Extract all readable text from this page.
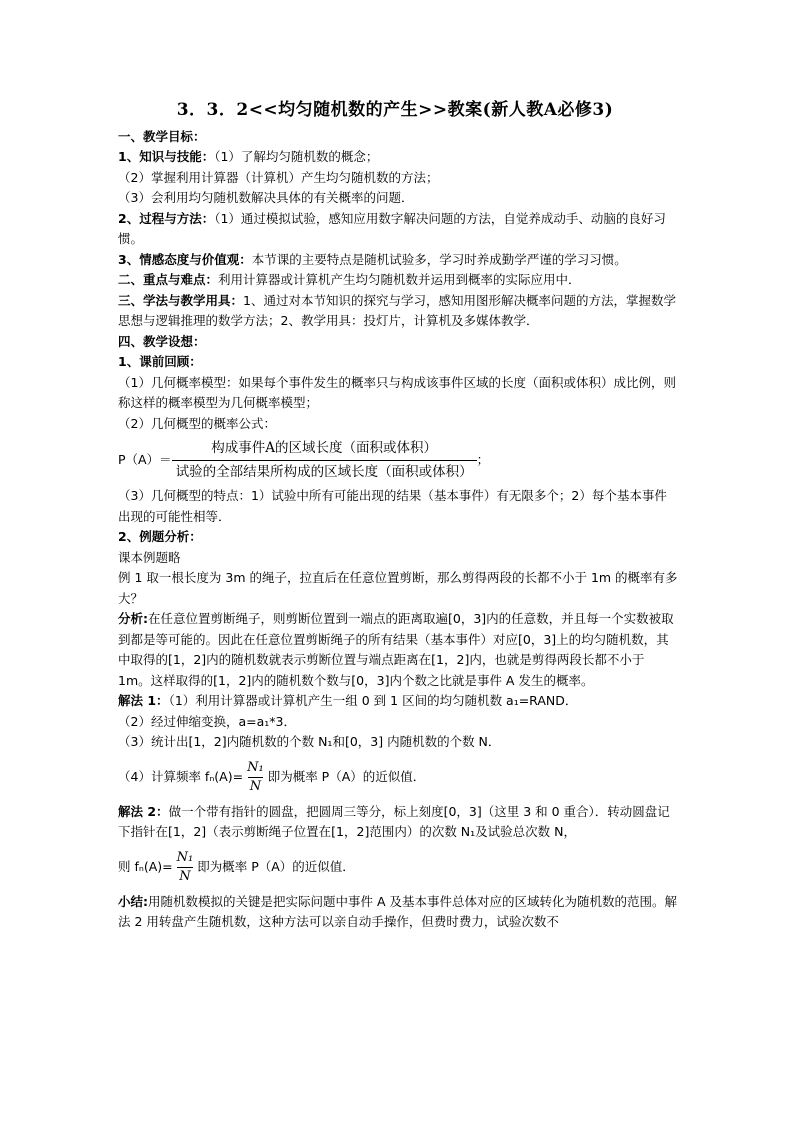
3．3．2<<均匀随机数的产生>>教案(新人教A必修3)

一、教学目标：

1、知识与技能：（1）了解均匀随机数的概念；

（2）掌握利用计算器（计算机）产生均匀随机数的方法；

（3）会利用均匀随机数解决具体的有关概率的问题．

2、过程与方法：（1）通过模拟试验，感知应用数字解决问题的方法，自觉养成动手、动脑的良好习惯。

3、情感态度与价值观：本节课的主要特点是随机试验多，学习时养成勤学严谨的学习习惯。

二、重点与难点：利用计算器或计算机产生均匀随机数并运用到概率的实际应用中．

三、学法与教学用具：1、通过对本节知识的探究与学习，感知用图形解决概率问题的方法，掌握数学思想与逻辑推理的数学方法；2、教学用具：投灯片，计算机及多媒体教学．

四、教学设想：

1、课前回顾：

（1）几何概率模型：如果每个事件发生的概率只与构成该事件区域的长度（面积或体积）成比例，则称这样的概率模型为几何概率模型；

（2）几何概型的概率公式：

$P(A)= \frac{\text{构成事件A的区域长度（面积或体积）}}{\text{试验的全部结果所构成的区域长度（面积或体积）}}$ ；

（3）几何概型的特点：1）试验中所有可能出现的结果（基本事件）有无限多个；2）每个基本事件出现的可能性相等．

2、例题分析：

课本例题略

例 1 取一根长度为 3m 的绳子，拉直后在任意位置剪断，那么剪得两段的长都不小于 1m 的概率有多大？

分析:在任意位置剪断绳子，则剪断位置到一端点的距离取遍[0，3]内的任意数，并且每一个实数被取到都是等可能的。因此在任意位置剪断绳子的所有结果（基本事件）对应[0，3]上的均匀随机数，其中取得的[1，2]内的随机数就表示剪断位置与端点距离在[1，2]内，也就是剪得两段长都不小于 1m。这样取得的[1，2]内的随机数个数与[0，3]内个数之比就是事件 A 发生的概率。

解法 1：（1）利用计算器或计算机产生一组 0 到 1 区间的均匀随机数 a₁=RAND．

（2）经过伸缩变换，a=a₁*3．

（3）统计出[1，2]内随机数的个数 N₁和[0，3] 内随机数的个数 N．

（4）计算频率 $f_n(A)= \frac{\text{N₁}}{N}$ 即为概率 P（A）的近似值．

解法 2：做一个带有指针的圆盘，把圆周三等分，标上刻度[0，3]（这里 3 和 0 重合）．转动圆盘记下指针在[1，2]（表示剪断绳子位置在[1，2]范围内）的次数 N₁及试验总次数 N，

则 $f_n(A)= \frac{\text{N₁}}{N}$ 即为概率 P（A）的近似值．

小结:用随机数模拟的关键是把实际问题中事件 A 及基本事件总体对应的区域转化为随机数的范围。解法 2 用转盘产生随机数，这种方法可以亲自动手操作，但费时费力，试验次数不
